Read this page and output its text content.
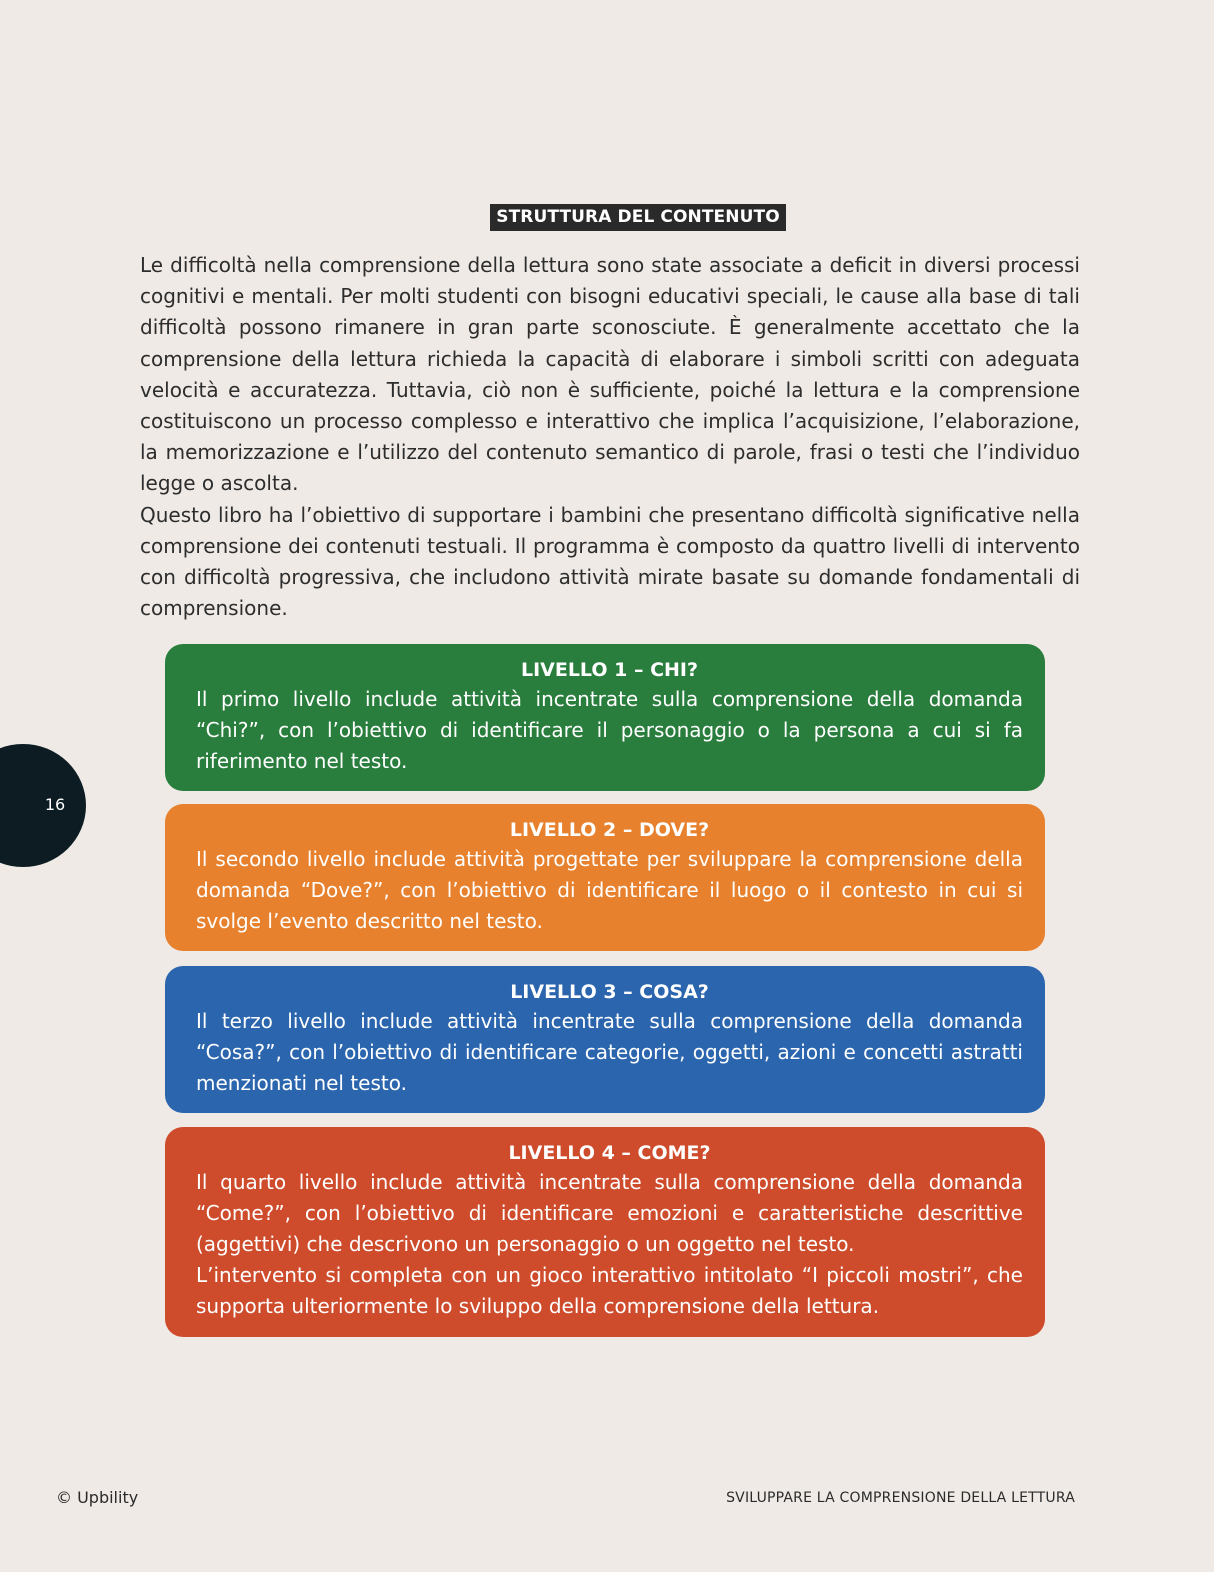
STRUTTURA DEL CONTENUTO

Le difficoltà nella comprensione della lettura sono state associate a deficit in diversi processi cognitivi e mentali. Per molti studenti con bisogni educativi speciali, le cause alla base di tali difficoltà possono rimanere in gran parte sconosciute. È generalmente accettato che la comprensione della lettura richieda la capacità di elaborare i simboli scritti con adeguata velocità e accuratezza. Tuttavia, ciò non è sufficiente, poiché la lettura e la comprensione costituiscono un processo complesso e interattivo che implica l’acquisizione, l’elaborazione, la memorizzazione e l’utilizzo del contenuto semantico di parole, frasi o testi che l’individuo legge o ascolta.

Questo libro ha l’obiettivo di supportare i bambini che presentano difficoltà significative nella comprensione dei contenuti testuali. Il programma è composto da quattro livelli di intervento con difficoltà progressiva, che includono attività mirate basate su domande fondamentali di comprensione.

LIVELLO 1 – CHI?

Il primo livello include attività incentrate sulla comprensione della domanda “Chi?”, con l’obiettivo di identificare il personaggio o la persona a cui si fa riferimento nel testo.

LIVELLO 2 – DOVE?

Il secondo livello include attività progettate per sviluppare la comprensione della domanda “Dove?”, con l’obiettivo di identificare il luogo o il contesto in cui si svolge l’evento descritto nel testo.

LIVELLO 3 – COSA?

Il terzo livello include attività incentrate sulla comprensione della domanda “Cosa?”, con l’obiettivo di identificare categorie, oggetti, azioni e concetti astratti menzionati nel testo.

LIVELLO 4 – COME?

Il quarto livello include attività incentrate sulla comprensione della domanda “Come?”, con l’obiettivo di identificare emozioni e caratteristiche descrittive (aggettivi) che descrivono un personaggio o un oggetto nel testo.

L’intervento si completa con un gioco interattivo intitolato “I piccoli mostri”, che supporta ulteriormente lo sviluppo della comprensione della lettura.

16
© Upbility	SVILUPPARE LA COMPRENSIONE DELLA LETTURA
